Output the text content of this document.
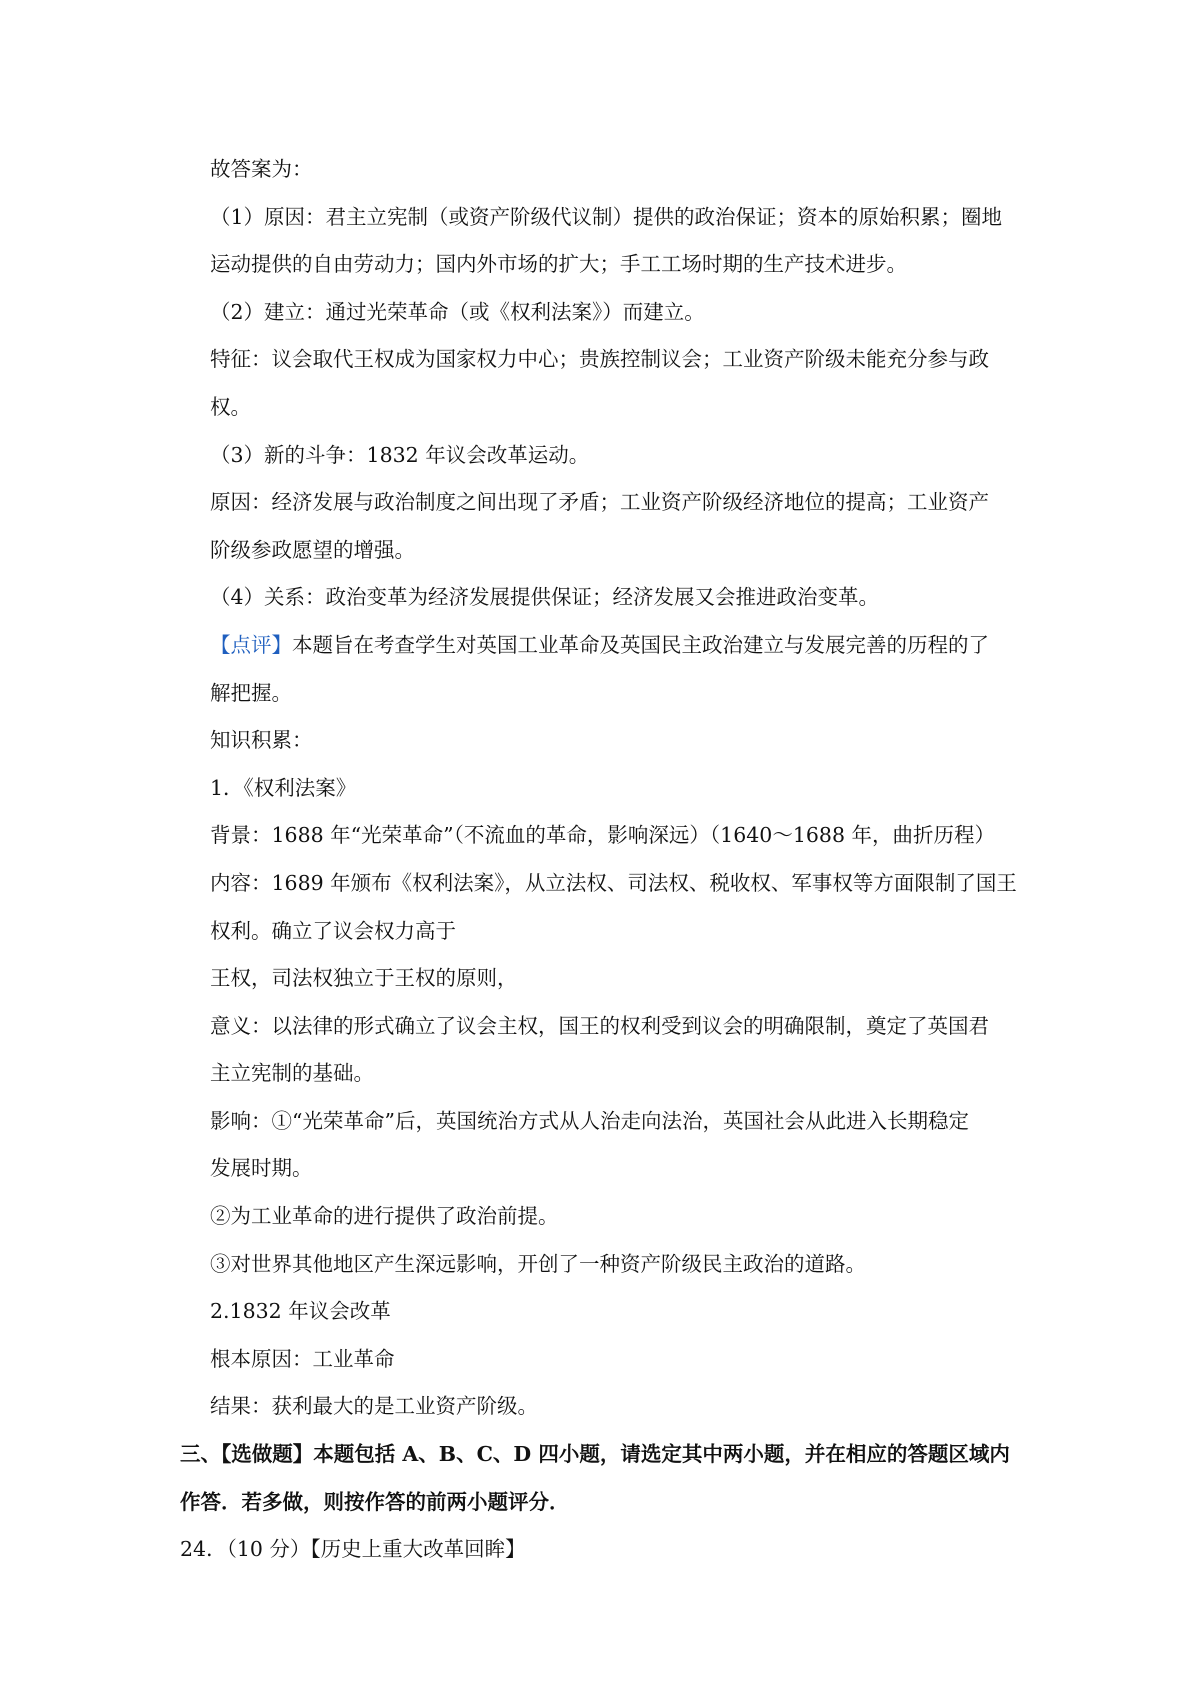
故答案为：
（1）原因：君主立宪制（或资产阶级代议制）提供的政治保证；资本的原始积累；圈地
运动提供的自由劳动力；国内外市场的扩大；手工工场时期的生产技术进步。
（2）建立：通过光荣革命（或《权利法案》）而建立。
特征：议会取代王权成为国家权力中心；贵族控制议会；工业资产阶级未能充分参与政
权。
（3）新的斗争：1832 年议会改革运动。
原因：经济发展与政治制度之间出现了矛盾；工业资产阶级经济地位的提高；工业资产
阶级参政愿望的增强。
（4）关系：政治变革为经济发展提供保证；经济发展又会推进政治变革。
【点评】本题旨在考查学生对英国工业革命及英国民主政治建立与发展完善的历程的了
解把握。
知识积累：
1．《权利法案》
背景：1688 年“光荣革命”（不流血的革命，影响深远）（1640～1688 年，曲折历程）
内容：1689 年颁布《权利法案》，从立法权、司法权、税收权、军事权等方面限制了国王
权利。确立了议会权力高于
王权，司法权独立于王权的原则，
意义：以法律的形式确立了议会主权，国王的权利受到议会的明确限制，奠定了英国君
主立宪制的基础。
影响：①“光荣革命”后，英国统治方式从人治走向法治，英国社会从此进入长期稳定
发展时期。
②为工业革命的进行提供了政治前提。
③对世界其他地区产生深远影响，开创了一种资产阶级民主政治的道路。
2.1832 年议会改革
根本原因：工业革命
结果：获利最大的是工业资产阶级。
三、【选做题】本题包括 A、B、C、D 四小题，请选定其中两小题，并在相应的答题区域内
作答．若多做，则按作答的前两小题评分．
24．（10 分）【历史上重大改革回眸】
